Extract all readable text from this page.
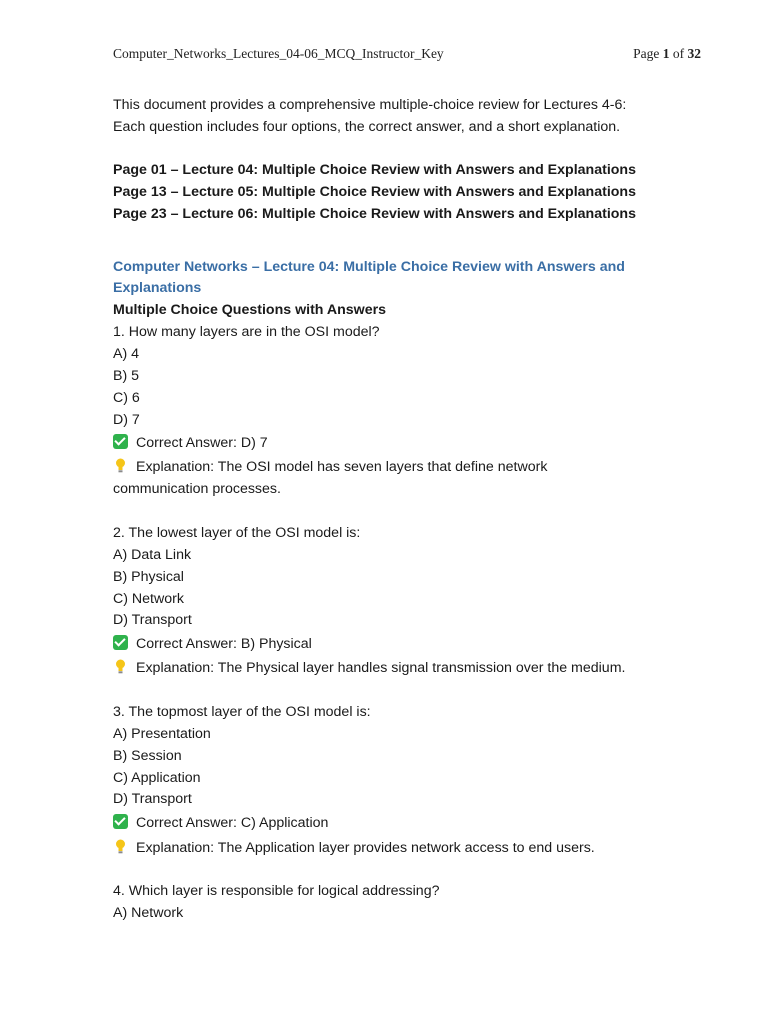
Computer_Networks_Lectures_04-06_MCQ_Instructor_Key	Page 1 of 32
This document provides a comprehensive multiple-choice review for Lectures 4-6:
Each question includes four options, the correct answer, and a short explanation.
Page 01 – Lecture 04: Multiple Choice Review with Answers and Explanations
Page 13 – Lecture 05: Multiple Choice Review with Answers and Explanations
Page 23 – Lecture 06: Multiple Choice Review with Answers and Explanations
Computer Networks – Lecture 04: Multiple Choice Review with Answers and
Explanations
Multiple Choice Questions with Answers
1. How many layers are in the OSI model?
A) 4
B) 5
C) 6
D) 7
Correct Answer: D) 7
Explanation: The OSI model has seven layers that define network
communication processes.
2. The lowest layer of the OSI model is:
A) Data Link
B) Physical
C) Network
D) Transport
Correct Answer: B) Physical
Explanation: The Physical layer handles signal transmission over the medium.
3. The topmost layer of the OSI model is:
A) Presentation
B) Session
C) Application
D) Transport
Correct Answer: C) Application
Explanation: The Application layer provides network access to end users.
4. Which layer is responsible for logical addressing?
A) Network
